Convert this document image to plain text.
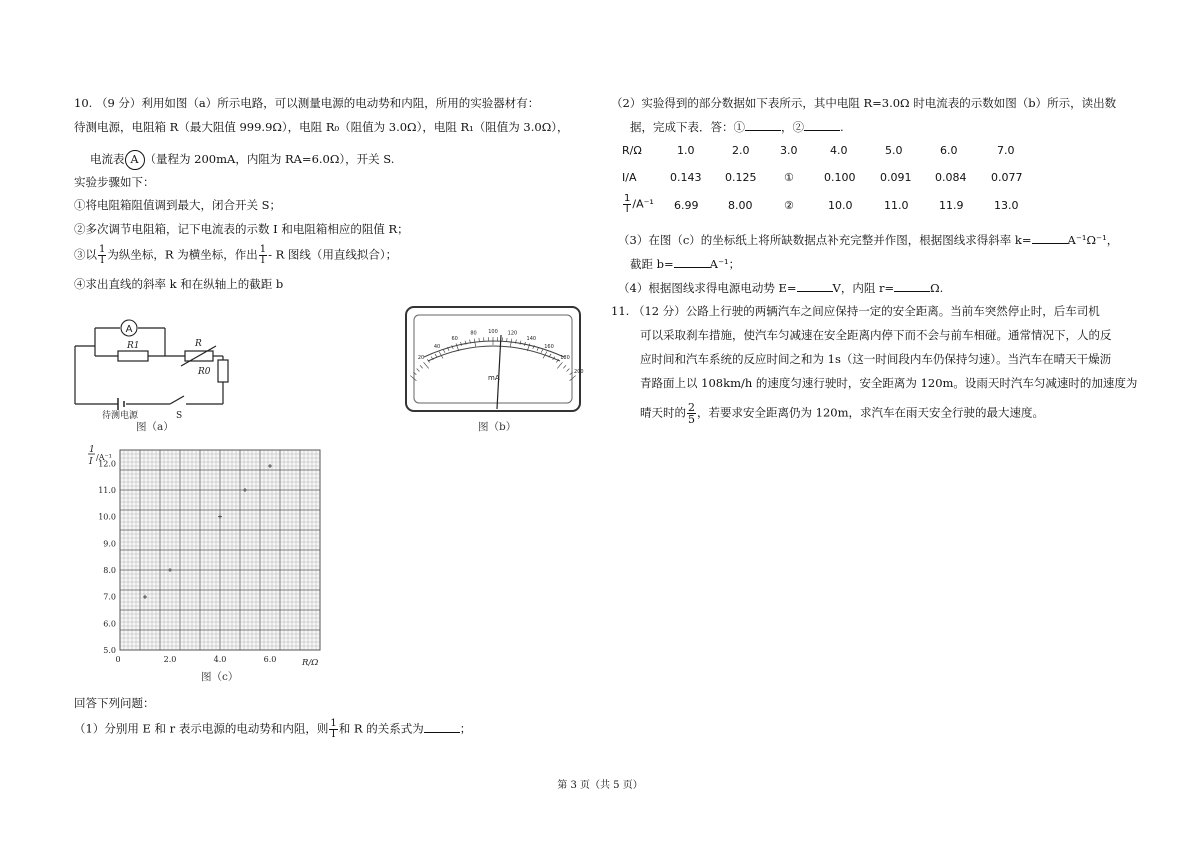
10. （9 分）利用如图（a）所示电路，可以测量电源的电动势和内阻，所用的实验器材有：
待测电源，电阻箱 R（最大阻值 999.9Ω），电阻 R₀（阻值为 3.0Ω），电阻 R₁（阻值为 3.0Ω），
电流表 A （量程为 200mA，内阻为 RA=6.0Ω），开关 S.
实验步骤如下：
①将电阻箱阻值调到最大，闭合开关 S；
②多次调节电阻箱，记下电流表的示数 I 和电阻箱相应的阻值 R；
③以 $\frac{1}{I}$ 为纵坐标，R 为横坐标，作出 $\frac{1}{I}$ - R 图线（用直线拟合）；
④求出直线的斜率 k 和在纵轴上的截距 b
A
R
R1
R0
待测电源	S
图（a）
20
40
60
80 100 120
140
160
180
200
mA
图（b）
5.0
6.0
7.0
8.0
9.0
10.0
11.0
12.0
0	2.0	4.0	6.0
1
I /A⁻¹
R/Ω
图（c）
回答下列问题：
（1）分别用 E 和 r 表示电源的电动势和内阻，则 $\frac{1}{I}$ 和 R 的关系式为	；
（2）实验得到的部分数据如下表所示，其中电阻 R=3.0Ω 时电流表的示数如图（b）所示，读出数
据，完成下表．答：①	，②	.
R/Ω	1.0	2.0	3.0	4.0	5.0	6.0	7.0
I/A	0.143 0.125	①	0.100 0.091 0.084 0.077
$\frac{1}{I} /A^{-1}$ 6.99	8.00	②	10.0	11.0	11.9	13.0
（3）在图（c）的坐标纸上将所缺数据点补充完整并作图，根据图线求得斜率 k=	A⁻¹Ω⁻¹，
截距 b=	A⁻¹；
（4）根据图线求得电源电动势 E=	V，内阻 r=	Ω.
11. （12 分）公路上行驶的两辆汽车之间应保持一定的安全距离。当前车突然停止时，后车司机
可以采取刹车措施，使汽车匀减速在安全距离内停下而不会与前车相碰。通常情况下，人的反
应时间和汽车系统的反应时间之和为 1s（这一时间段内车仍保持匀速）。当汽车在晴天干燥沥
青路面上以 108km/h 的速度匀速行驶时，安全距离为 120m。设雨天时汽车匀减速时的加速度为
晴天时的 $\frac{2}{5}$ ，若要求安全距离仍为 120m，求汽车在雨天安全行驶的最大速度。
第 3 页（共 5 页）
